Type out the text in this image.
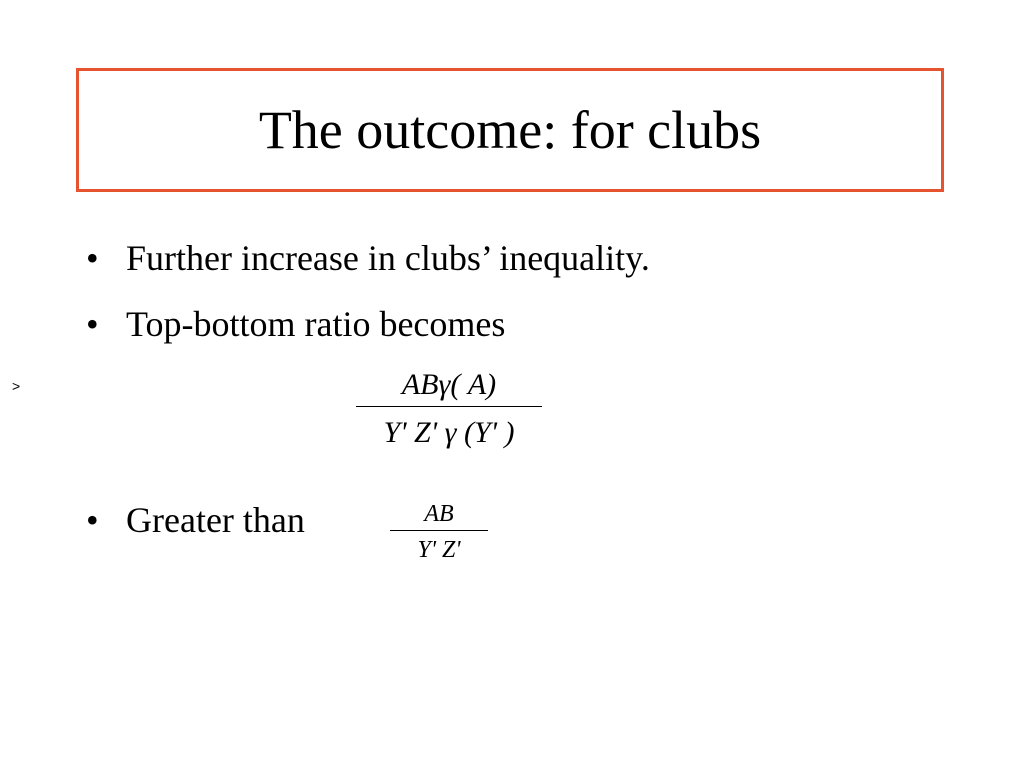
The outcome: for clubs
• Further increase in clubs’ inequality.
• Top-bottom ratio becomes
>	ABγ( A)
Y' Z' γ (Y' )
• Greater than	AB
Y' Z'
